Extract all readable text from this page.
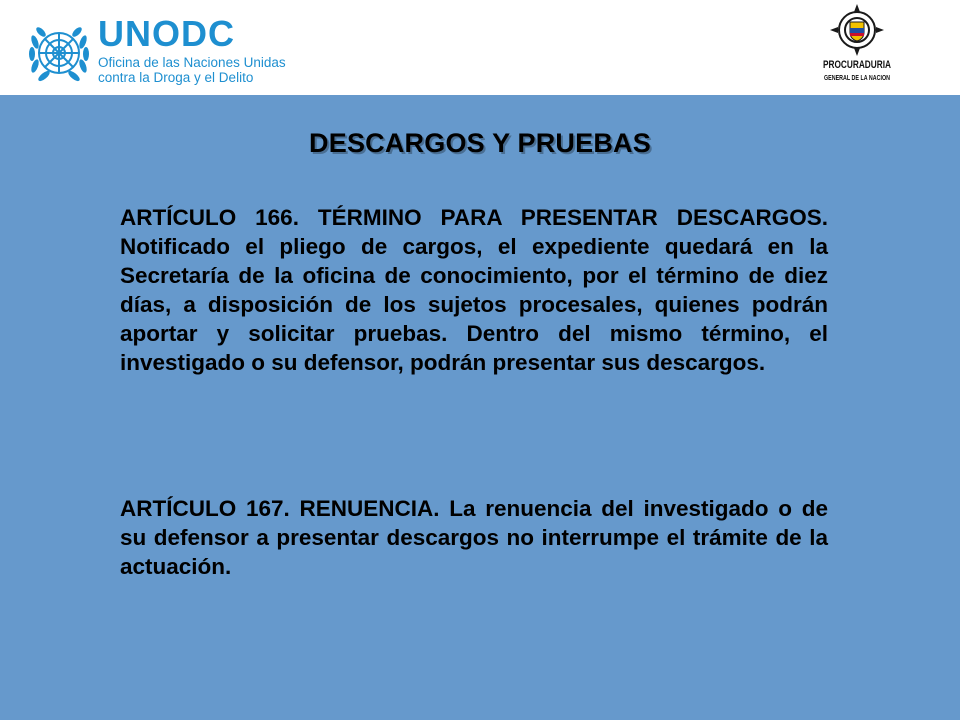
UNODC
Oficina de las Naciones Unidas
contra la Droga y el Delito
PROCURADURIA
GENERAL DE LA NACION
DESCARGOS Y PRUEBAS

ARTÍCULO 166. TÉRMINO PARA PRESENTAR DESCARGOS. Notificado el pliego de cargos, el expediente quedará en la Secretaría de la oficina de conocimiento, por el término de diez días, a disposición de los sujetos procesales, quienes podrán aportar y solicitar pruebas. Dentro del mismo término, el investigado o su defensor, podrán presentar sus descargos.

ARTÍCULO 167. RENUENCIA. La renuencia del investigado o de su defensor a presentar descargos no interrumpe el trámite de la actuación.
